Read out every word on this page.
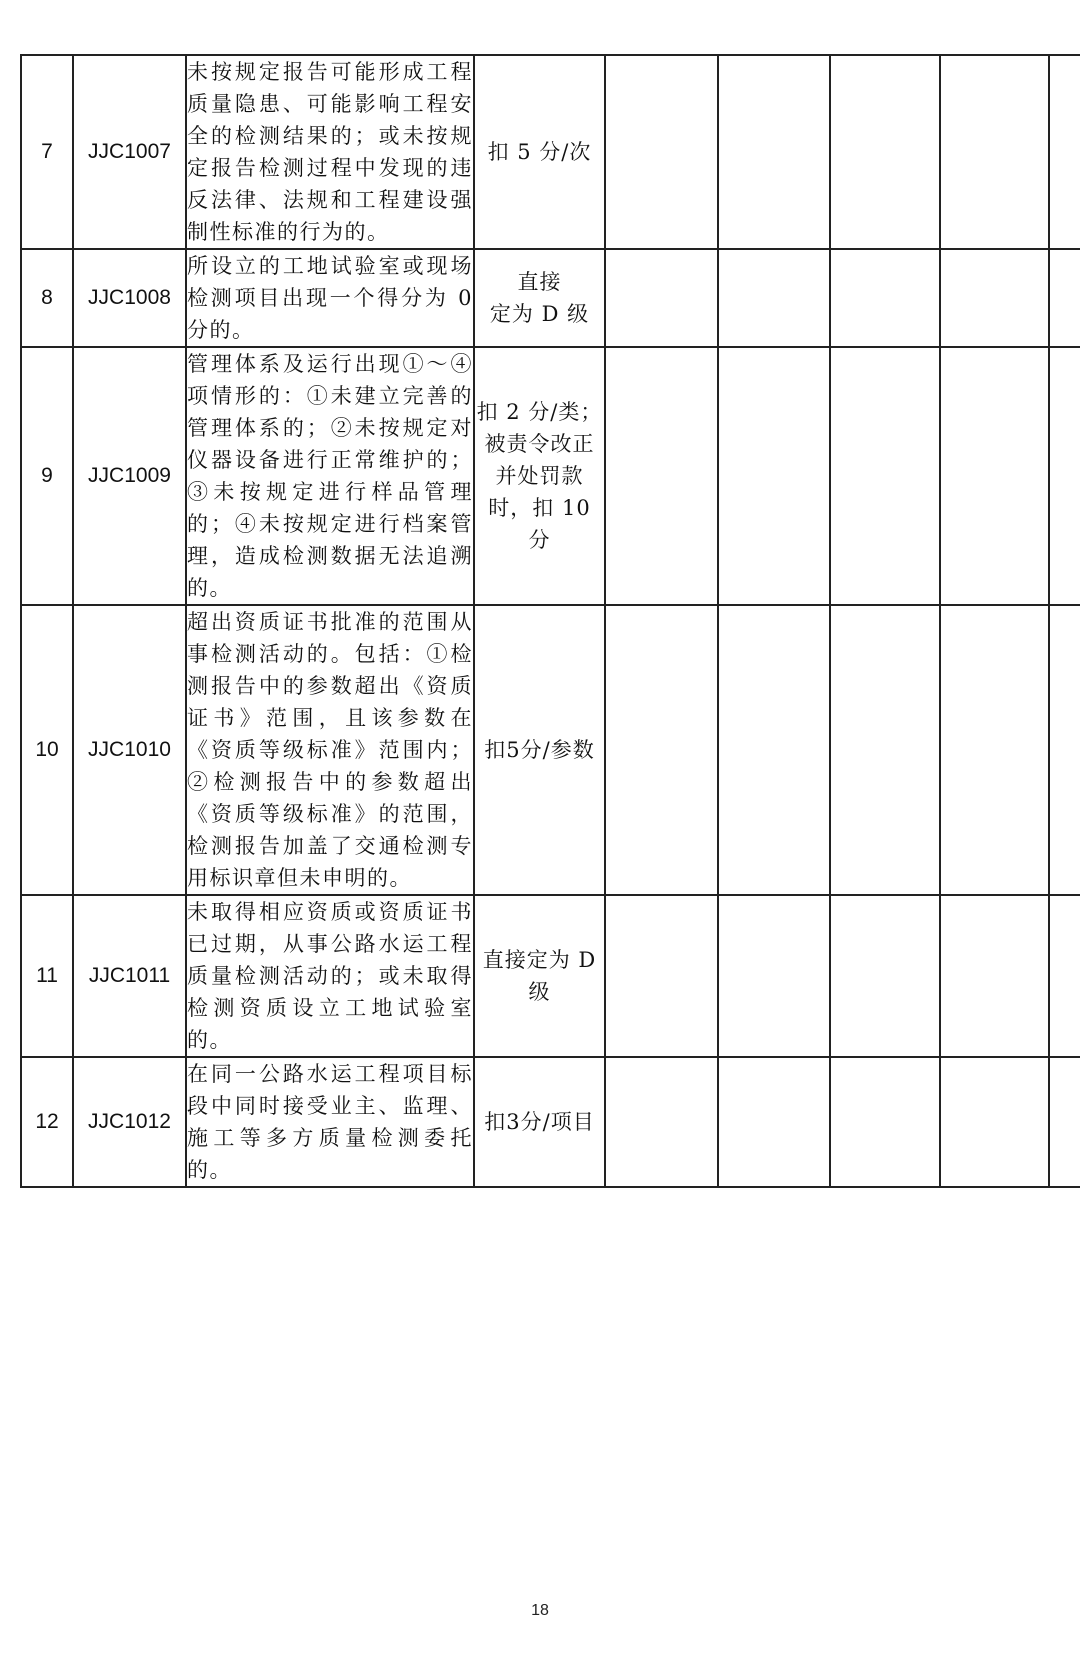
7	JJC1007	未按规定报告可能形成工程质量隐患、可能影响工程安全的检测结果的；或未按规定报告检测过程中发现的违反法律、法规和工程建设强制性标准的行为的。	扣 5 分/次					
8	JJC1008	所设立的工地试验室或现场检测项目出现一个得分为 0 分的。	直接
定为 D 级					
9	JJC1009	管理体系及运行出现①～④项情形的：①未建立完善的管理体系的；②未按规定对仪器设备进行正常维护的；③未按规定进行样品管理的；④未按规定进行档案管理，造成检测数据无法追溯的。	扣 2 分/类；
被责令改正
并处罚款
时，扣 10 分					
10	JJC1010	超出资质证书批准的范围从事检测活动的。包括：①检测报告中的参数超出《资质证书》范围，且该参数在《资质等级标准》范围内；②检测报告中的参数超出《资质等级标准》的范围，检测报告加盖了交通检测专用标识章但未申明的。	扣5分/参数					
11	JJC1011	未取得相应资质或资质证书已过期，从事公路水运工程质量检测活动的；或未取得检测资质设立工地试验室的。	直接定为 D
级					
12	JJC1012	在同一公路水运工程项目标段中同时接受业主、监理、施工等多方质量检测委托的。	扣3分/项目					
18
